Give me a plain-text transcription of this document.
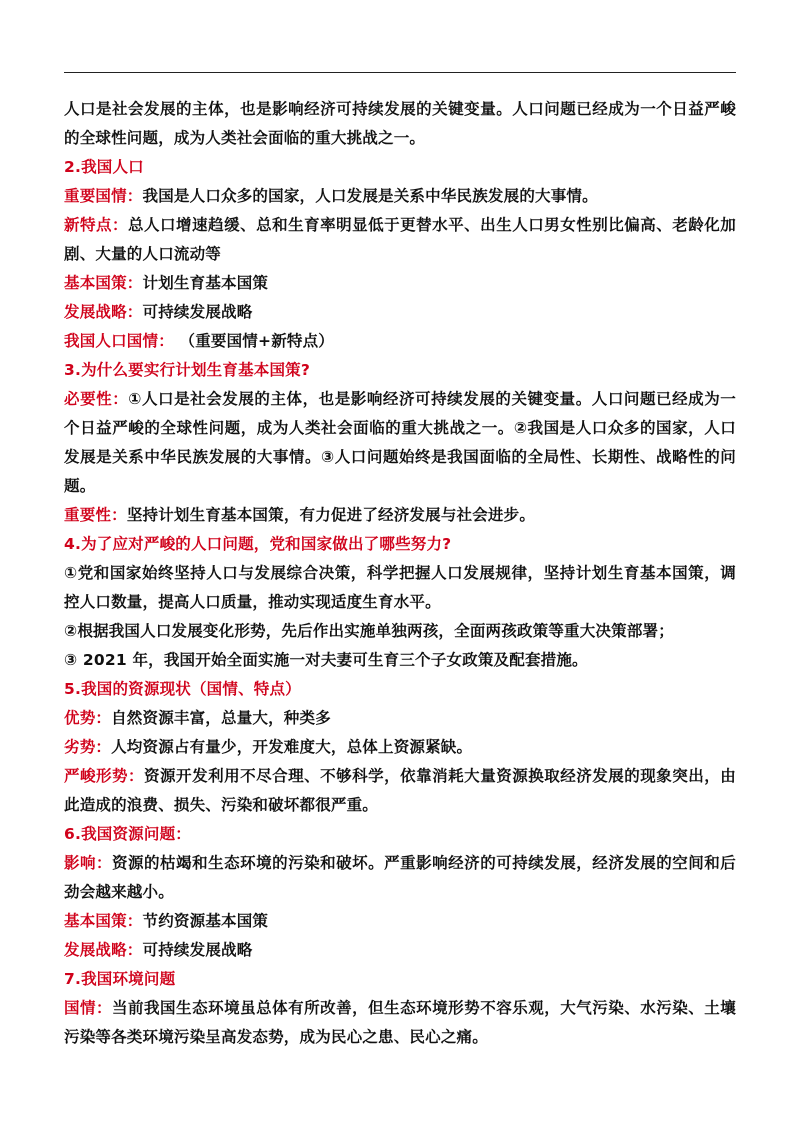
人口是社会发展的主体，也是影响经济可持续发展的关键变量。人口问题已经成为一个日益严峻的全球性问题，成为人类社会面临的重大挑战之一。

2.我国人口

重要国情：我国是人口众多的国家，人口发展是关系中华民族发展的大事情。

新特点：总人口增速趋缓、总和生育率明显低于更替水平、出生人口男女性别比偏高、老龄化加剧、大量的人口流动等

基本国策：计划生育基本国策

发展战略：可持续发展战略

我国人口国情： （重要国情+新特点）

3.为什么要实行计划生育基本国策?

必要性：①人口是社会发展的主体，也是影响经济可持续发展的关键变量。人口问题已经成为一个日益严峻的全球性问题，成为人类社会面临的重大挑战之一。②我国是人口众多的国家，人口发展是关系中华民族发展的大事情。③人口问题始终是我国面临的全局性、长期性、战略性的问题。

重要性：坚持计划生育基本国策，有力促进了经济发展与社会进步。

4.为了应对严峻的人口问题，党和国家做出了哪些努力?

①党和国家始终坚持人口与发展综合决策，科学把握人口发展规律，坚持计划生育基本国策，调控人口数量，提高人口质量，推动实现适度生育水平。

②根据我国人口发展变化形势，先后作出实施单独两孩，全面两孩政策等重大决策部署；

③ 2021 年，我国开始全面实施一对夫妻可生育三个子女政策及配套措施。

5.我国的资源现状（国情、特点）

优势：自然资源丰富，总量大，种类多

劣势：人均资源占有量少，开发难度大，总体上资源紧缺。

严峻形势：资源开发利用不尽合理、不够科学，依靠消耗大量资源换取经济发展的现象突出，由此造成的浪费、损失、污染和破坏都很严重。

6.我国资源问题：

影响：资源的枯竭和生态环境的污染和破坏。严重影响经济的可持续发展，经济发展的空间和后劲会越来越小。

基本国策：节约资源基本国策

发展战略：可持续发展战略

7.我国环境问题

国情：当前我国生态环境虽总体有所改善，但生态环境形势不容乐观，大气污染、水污染、土壤污染等各类环境污染呈高发态势，成为民心之患、民心之痛。
